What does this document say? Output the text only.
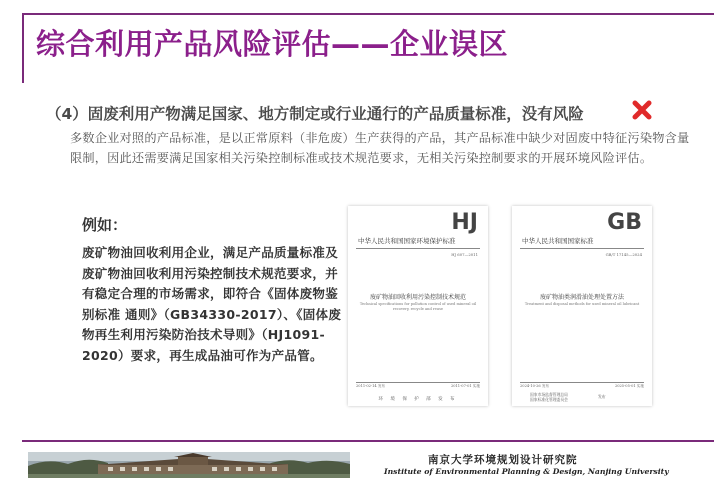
综合利用产品风险评估——企业误区

（4）固废利用产物满足国家、地方制定或行业通行的产品质量标准，没有风险

多数企业对照的产品标准，是以正常原料（非危废）生产获得的产品，其产品标准中缺少对固废中特征污染物含量限制，因此还需要满足国家相关污染控制标准或技术规范要求，无相关污染控制要求的开展环境风险评估。

例如：

废矿物油回收利用企业，满足产品质量标准及废矿物油回收利用污染控制技术规范要求，并有稳定合理的市场需求，即符合《固体废物鉴别标准 通则》（GB34330-2017）、《固体废物再生利用污染防治技术导则》（HJ1091-2020）要求，再生成品油可作为产品管。

HJ
中华人民共和国国家环境保护标准
HJ 607—2011
废矿物油回收利用污染控制技术规范
Technical specifications for pollution control of used mineral oil recovery, recycle and reuse
2011-02-14 发布	2011-07-01 实施
环 境 保 护 部 发 布
GB
中华人民共和国国家标准
GB/T 17145—2024
废矿物油类润滑油处理处置方法
Treatment and disposal methods for used mineral oil lubricant
2024-10-26 发布	2025-05-01 实施
国家市场监督管理总局
国家标准化管理委员会
发布

南京大学环境规划设计研究院

Institute of Environmental Planning & Design, Nanjing University
